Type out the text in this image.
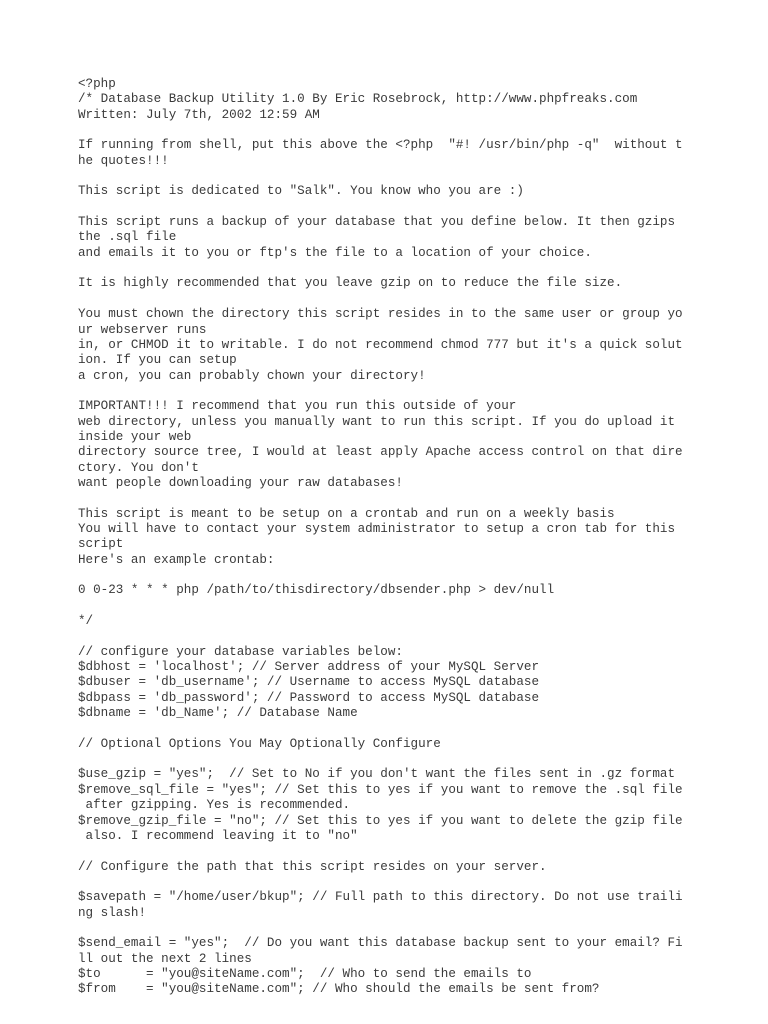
<?php
/* Database Backup Utility 1.0 By Eric Rosebrock, http://www.phpfreaks.com
Written: July 7th, 2002 12:59 AM

If running from shell, put this above the <?php  "#! /usr/bin/php -q"  without t
he quotes!!!

This script is dedicated to "Salk". You know who you are :)

This script runs a backup of your database that you define below. It then gzips
the .sql file
and emails it to you or ftp's the file to a location of your choice.

It is highly recommended that you leave gzip on to reduce the file size.

You must chown the directory this script resides in to the same user or group yo
ur webserver runs
in, or CHMOD it to writable. I do not recommend chmod 777 but it's a quick solut
ion. If you can setup
a cron, you can probably chown your directory!

IMPORTANT!!! I recommend that you run this outside of your
web directory, unless you manually want to run this script. If you do upload it
inside your web
directory source tree, I would at least apply Apache access control on that dire
ctory. You don't
want people downloading your raw databases!

This script is meant to be setup on a crontab and run on a weekly basis
You will have to contact your system administrator to setup a cron tab for this
script
Here's an example crontab:

0 0-23 * * * php /path/to/thisdirectory/dbsender.php > dev/null

*/

// configure your database variables below:
$dbhost = 'localhost'; // Server address of your MySQL Server
$dbuser = 'db_username'; // Username to access MySQL database
$dbpass = 'db_password'; // Password to access MySQL database
$dbname = 'db_Name'; // Database Name

// Optional Options You May Optionally Configure

$use_gzip = "yes";  // Set to No if you don't want the files sent in .gz format
$remove_sql_file = "yes"; // Set this to yes if you want to remove the .sql file
after gzipping. Yes is recommended.
$remove_gzip_file = "no"; // Set this to yes if you want to delete the gzip file
also. I recommend leaving it to "no"

// Configure the path that this script resides on your server.

$savepath = "/home/user/bkup"; // Full path to this directory. Do not use traili
ng slash!

$send_email = "yes";  // Do you want this database backup sent to your email? Fi
ll out the next 2 lines
$to      = "you@siteName.com";  // Who to send the emails to
$from    = "you@siteName.com"; // Who should the emails be sent from?
